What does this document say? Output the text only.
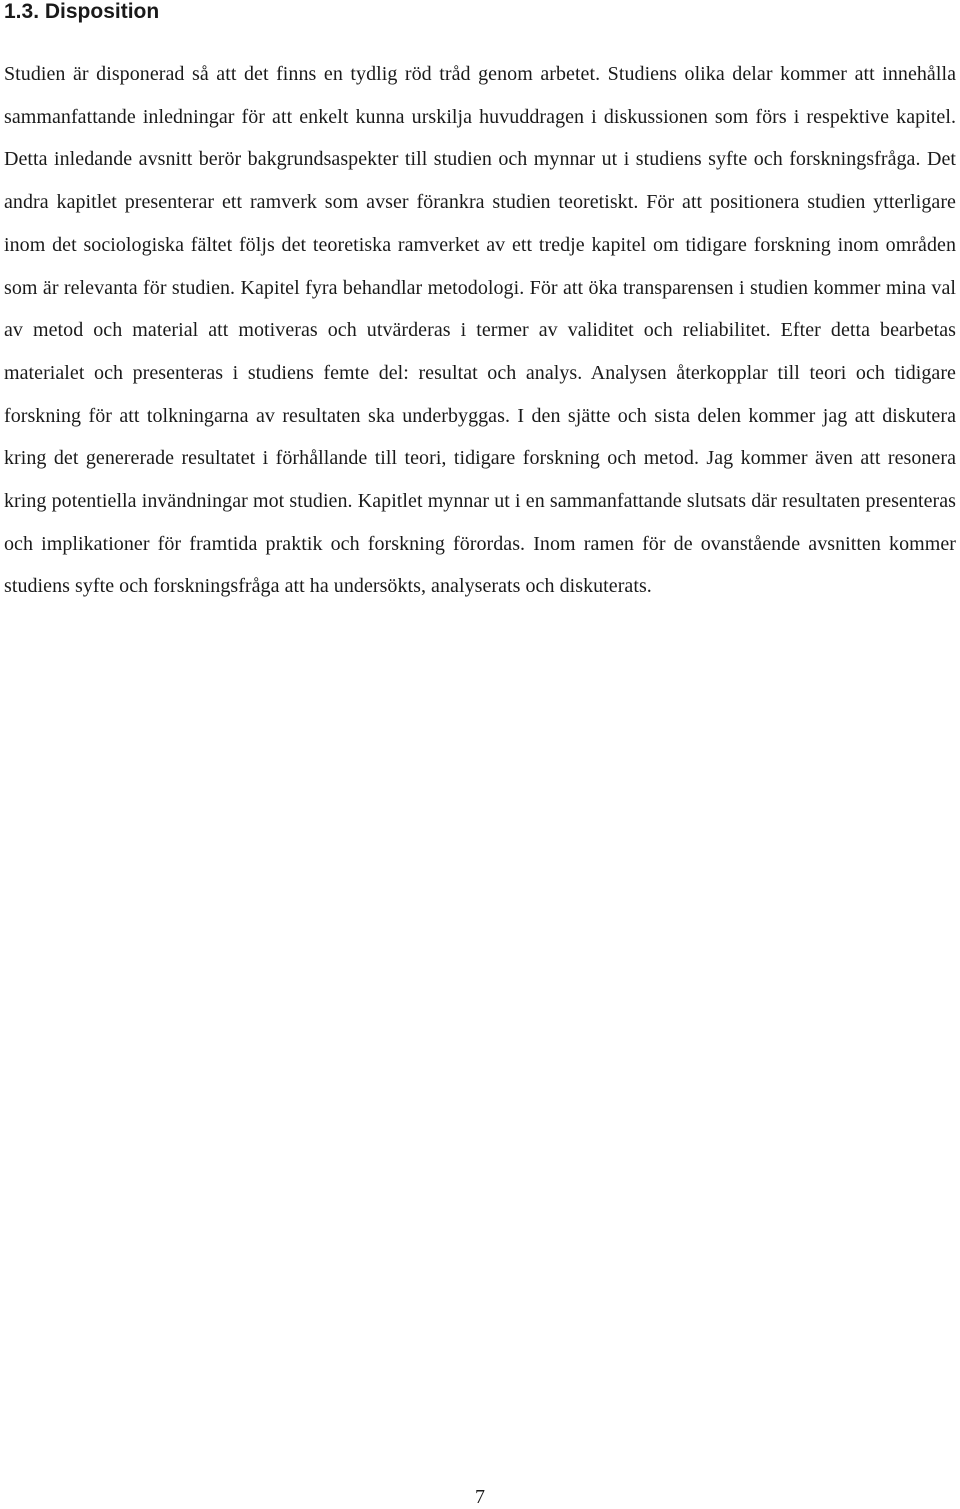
1.3. Disposition

Studien är disponerad så att det finns en tydlig röd tråd genom arbetet. Studiens olika delar kommer att innehålla sammanfattande inledningar för att enkelt kunna urskilja huvuddragen i diskussionen som förs i respektive kapitel. Detta inledande avsnitt berör bakgrundsaspekter till studien och mynnar ut i studiens syfte och forskningsfråga. Det andra kapitlet presenterar ett ramverk som avser förankra studien teoretiskt. För att positionera studien ytterligare inom det sociologiska fältet följs det teoretiska ramverket av ett tredje kapitel om tidigare forskning inom områden som är relevanta för studien. Kapitel fyra behandlar metodologi. För att öka transparensen i studien kommer mina val av metod och material att motiveras och utvärderas i termer av validitet och reliabilitet. Efter detta bearbetas materialet och presenteras i studiens femte del: resultat och analys. Analysen återkopplar till teori och tidigare forskning för att tolkningarna av resultaten ska underbyggas. I den sjätte och sista delen kommer jag att diskutera kring det genererade resultatet i förhållande till teori, tidigare forskning och metod. Jag kommer även att resonera kring potentiella invändningar mot studien. Kapitlet mynnar ut i en sammanfattande slutsats där resultaten presenteras och implikationer för framtida praktik och forskning förordas. Inom ramen för de ovanstående avsnitten kommer studiens syfte och forskningsfråga att ha undersökts, analyserats och diskuterats.

7
